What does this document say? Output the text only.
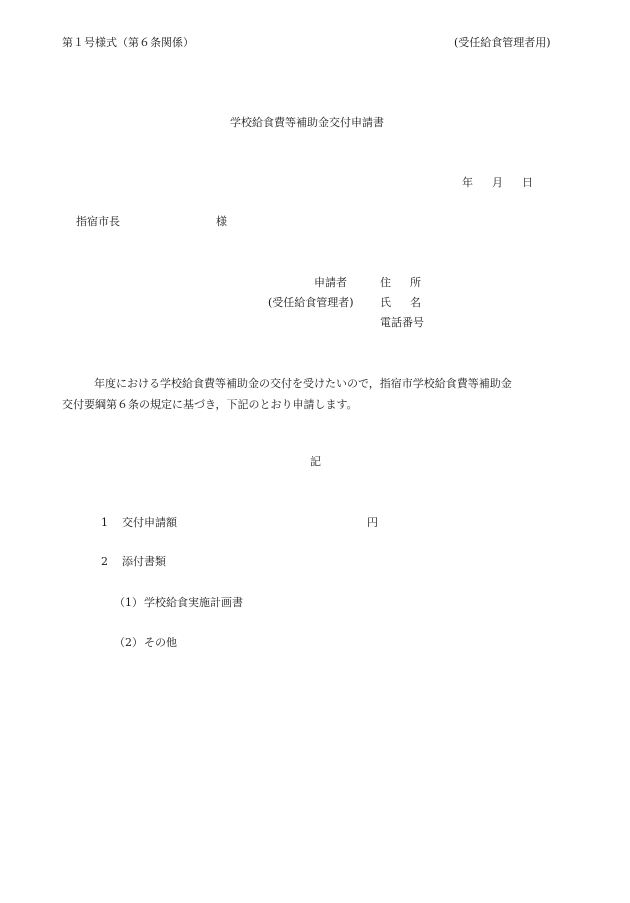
第１号様式（第６条関係）	(受任給食管理者用)
学校給食費等補助金交付申請書
年 月 日
指宿市長	様
申請者	住 所
(受任給食管理者) 氏 名
電話番号
年度における学校給食費等補助金の交付を受けたいので，指宿市学校給食費等補助金
交付要綱第６条の規定に基づき，下記のとおり申請します。
記
1 交付申請額	円
2 添付書類
（1） 学校給食実施計画書
（2） その他
